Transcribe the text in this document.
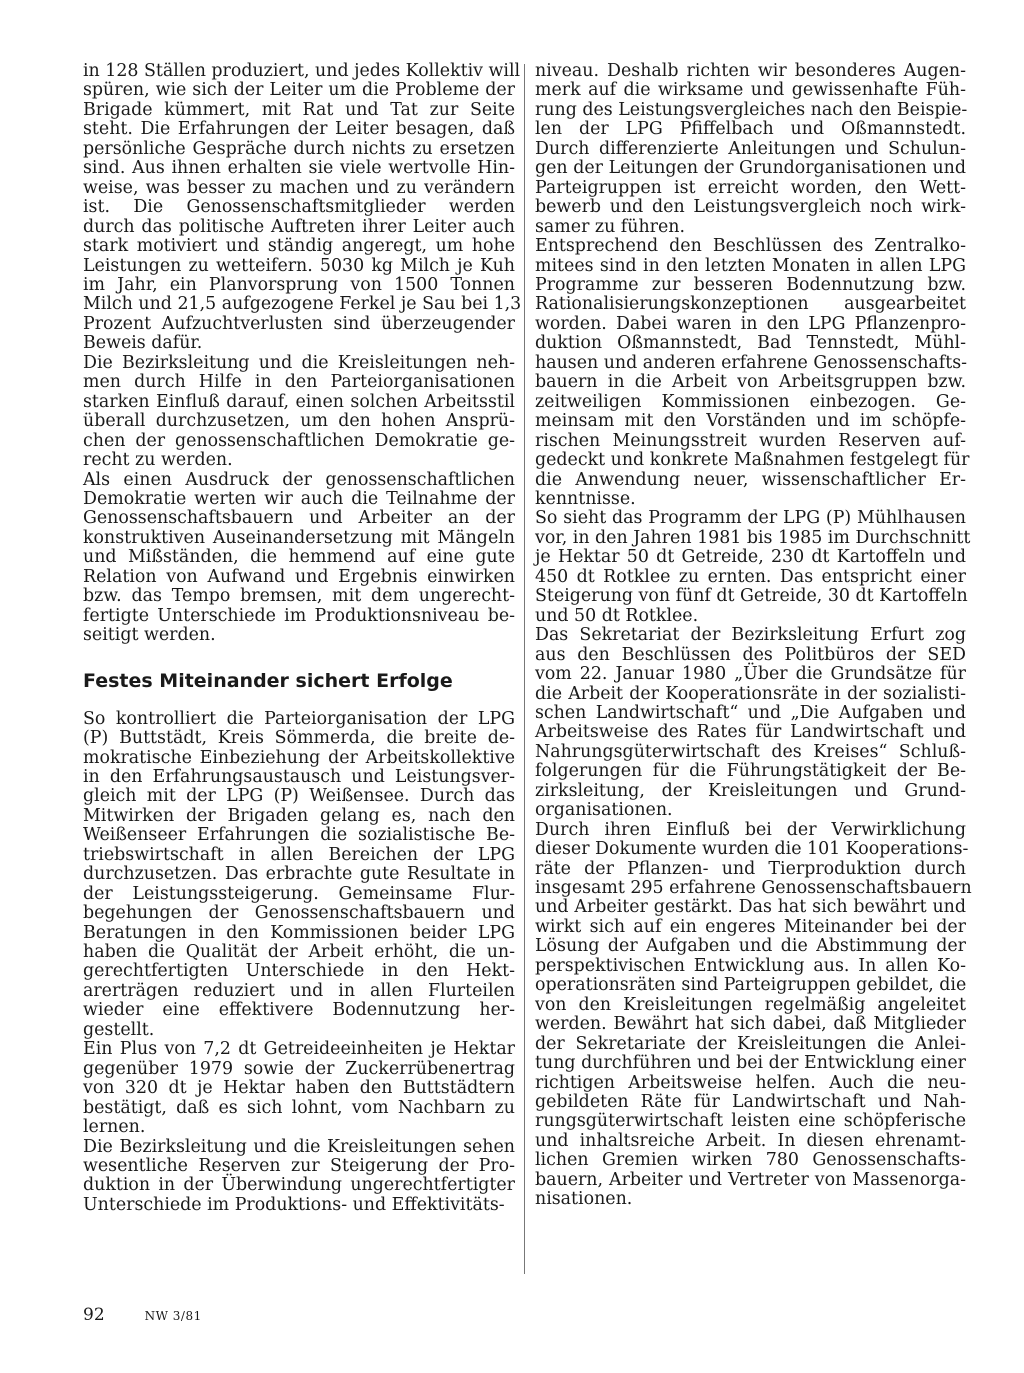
in 128 Ställen produziert, und jedes Kollektiv will
spüren, wie sich der Leiter um die Probleme der
Brigade kümmert, mit Rat und Tat zur Seite
steht. Die Erfahrungen der Leiter besagen, daß
persönliche Gespräche durch nichts zu ersetzen
sind. Aus ihnen erhalten sie viele wertvolle Hin-
weise, was besser zu machen und zu verändern
ist. Die Genossenschaftsmitglieder werden
durch das politische Auftreten ihrer Leiter auch
stark motiviert und ständig angeregt, um hohe
Leistungen zu wetteifern. 5030 kg Milch je Kuh
im Jahr, ein Planvorsprung von 1500 Tonnen
Milch und 21,5 aufgezogene Ferkel je Sau bei 1,3
Prozent Aufzuchtverlusten sind überzeugender
Beweis dafür.
Die Bezirksleitung und die Kreisleitungen neh-
men durch Hilfe in den Parteiorganisationen
starken Einfluß darauf, einen solchen Arbeitsstil
überall durchzusetzen, um den hohen Ansprü-
chen der genossenschaftlichen Demokratie ge-
recht zu werden.
Als einen Ausdruck der genossenschaftlichen
Demokratie werten wir auch die Teilnahme der
Genossenschaftsbauern und Arbeiter an der
konstruktiven Auseinandersetzung mit Mängeln
und Mißständen, die hemmend auf eine gute
Relation von Aufwand und Ergebnis einwirken
bzw. das Tempo bremsen, mit dem ungerecht-
fertigte Unterschiede im Produktionsniveau be-
seitigt werden.
Festes Miteinander sichert Erfolge
So kontrolliert die Parteiorganisation der LPG
(P) Buttstädt, Kreis Sömmerda, die breite de-
mokratische Einbeziehung der Arbeitskollektive
in den Erfahrungsaustausch und Leistungsver-
gleich mit der LPG (P) Weißensee. Durch das
Mitwirken der Brigaden gelang es, nach den
Weißenseer Erfahrungen die sozialistische Be-
triebswirtschaft in allen Bereichen der LPG
durchzusetzen. Das erbrachte gute Resultate in
der Leistungssteigerung. Gemeinsame Flur-
begehungen der Genossenschaftsbauern und
Beratungen in den Kommissionen beider LPG
haben die Qualität der Arbeit erhöht, die un-
gerechtfertigten Unterschiede in den Hekt-
arerträgen reduziert und in allen Flurteilen
wieder eine effektivere Bodennutzung her-
gestellt.
Ein Plus von 7,2 dt Getreideeinheiten je Hektar
gegenüber 1979 sowie der Zuckerrübenertrag
von 320 dt je Hektar haben den Buttstädtern
bestätigt, daß es sich lohnt, vom Nachbarn zu
lernen.
Die Bezirksleitung und die Kreisleitungen sehen
wesentliche Reserven zur Steigerung der Pro-
duktion in der Überwindung ungerechtfertigter
Unterschiede im Produktions- und Effektivitäts-
niveau. Deshalb richten wir besonderes Augen-
merk auf die wirksame und gewissenhafte Füh-
rung des Leistungsvergleiches nach den Beispie-
len der LPG Pfiffelbach und Oßmannstedt.
Durch differenzierte Anleitungen und Schulun-
gen der Leitungen der Grundorganisationen und
Parteigruppen ist erreicht worden, den Wett-
bewerb und den Leistungsvergleich noch wirk-
samer zu führen.
Entsprechend den Beschlüssen des Zentralko-
mitees sind in den letzten Monaten in allen LPG
Programme zur besseren Bodennutzung bzw.
Rationalisierungskonzeptionen ausgearbeitet
worden. Dabei waren in den LPG Pflanzenpro-
duktion Oßmannstedt, Bad Tennstedt, Mühl-
hausen und anderen erfahrene Genossenschafts-
bauern in die Arbeit von Arbeitsgruppen bzw.
zeitweiligen Kommissionen einbezogen. Ge-
meinsam mit den Vorständen und im schöpfe-
rischen Meinungsstreit wurden Reserven auf-
gedeckt und konkrete Maßnahmen festgelegt für
die Anwendung neuer, wissenschaftlicher Er-
kenntnisse.
So sieht das Programm der LPG (P) Mühlhausen
vor, in den Jahren 1981 bis 1985 im Durchschnitt
je Hektar 50 dt Getreide, 230 dt Kartoffeln und
450 dt Rotklee zu ernten. Das entspricht einer
Steigerung von fünf dt Getreide, 30 dt Kartoffeln
und 50 dt Rotklee.
Das Sekretariat der Bezirksleitung Erfurt zog
aus den Beschlüssen des Politbüros der SED
vom 22. Januar 1980 „Über die Grundsätze für
die Arbeit der Kooperationsräte in der sozialisti-
schen Landwirtschaft“ und „Die Aufgaben und
Arbeitsweise des Rates für Landwirtschaft und
Nahrungsgüterwirtschaft des Kreises“ Schluß-
folgerungen für die Führungstätigkeit der Be-
zirksleitung, der Kreisleitungen und Grund-
organisationen.
Durch ihren Einfluß bei der Verwirklichung
dieser Dokumente wurden die 101 Kooperations-
räte der Pflanzen- und Tierproduktion durch
insgesamt 295 erfahrene Genossenschaftsbauern
und Arbeiter gestärkt. Das hat sich bewährt und
wirkt sich auf ein engeres Miteinander bei der
Lösung der Aufgaben und die Abstimmung der
perspektivischen Entwicklung aus. In allen Ko-
operationsräten sind Parteigruppen gebildet, die
von den Kreisleitungen regelmäßig angeleitet
werden. Bewährt hat sich dabei, daß Mitglieder
der Sekretariate der Kreisleitungen die Anlei-
tung durchführen und bei der Entwicklung einer
richtigen Arbeitsweise helfen. Auch die neu-
gebildeten Räte für Landwirtschaft und Nah-
rungsgüterwirtschaft leisten eine schöpferische
und inhaltsreiche Arbeit. In diesen ehrenamt-
lichen Gremien wirken 780 Genossenschafts-
bauern, Arbeiter und Vertreter von Massenorga-
nisationen.
92	NW 3/81
